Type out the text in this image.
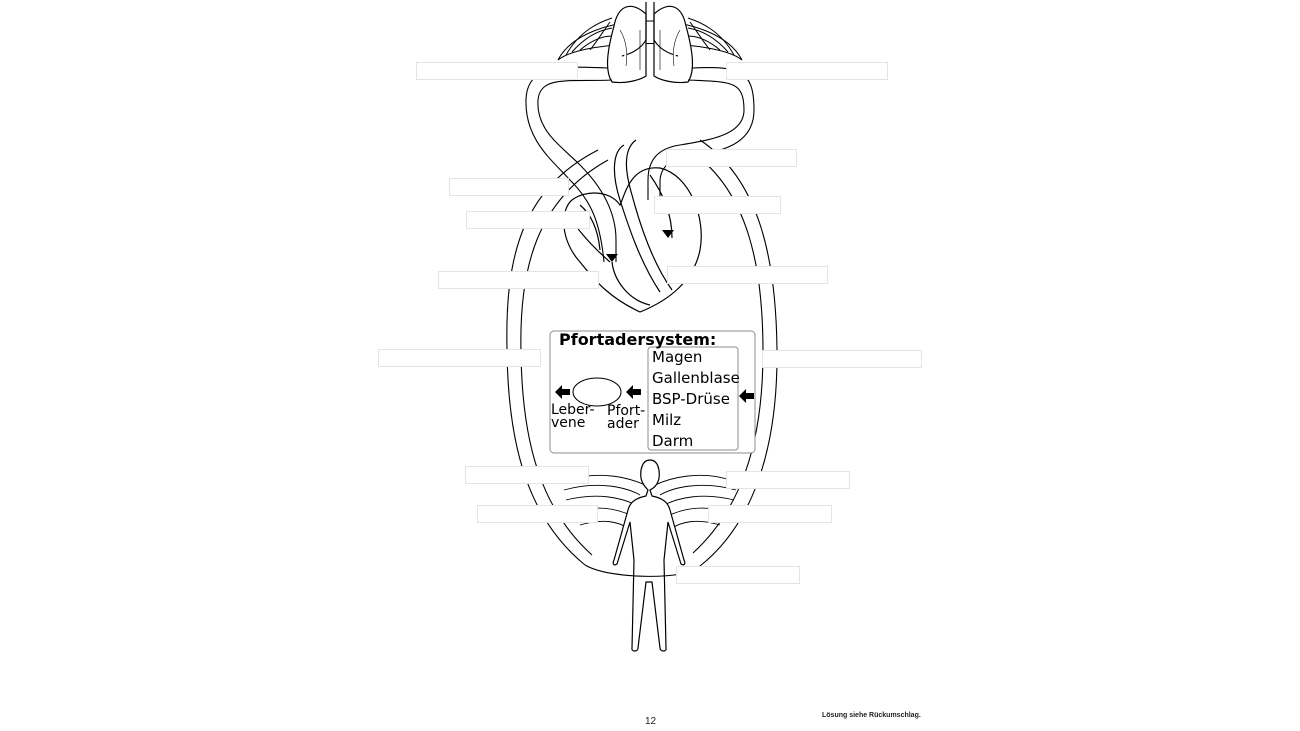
Pfortadersystem:
Magen
Gallenblase
BSP-Drüse
Milz
Darm
Leber-
vene
Pfort-
ader
12
Lösung siehe Rückumschlag.
